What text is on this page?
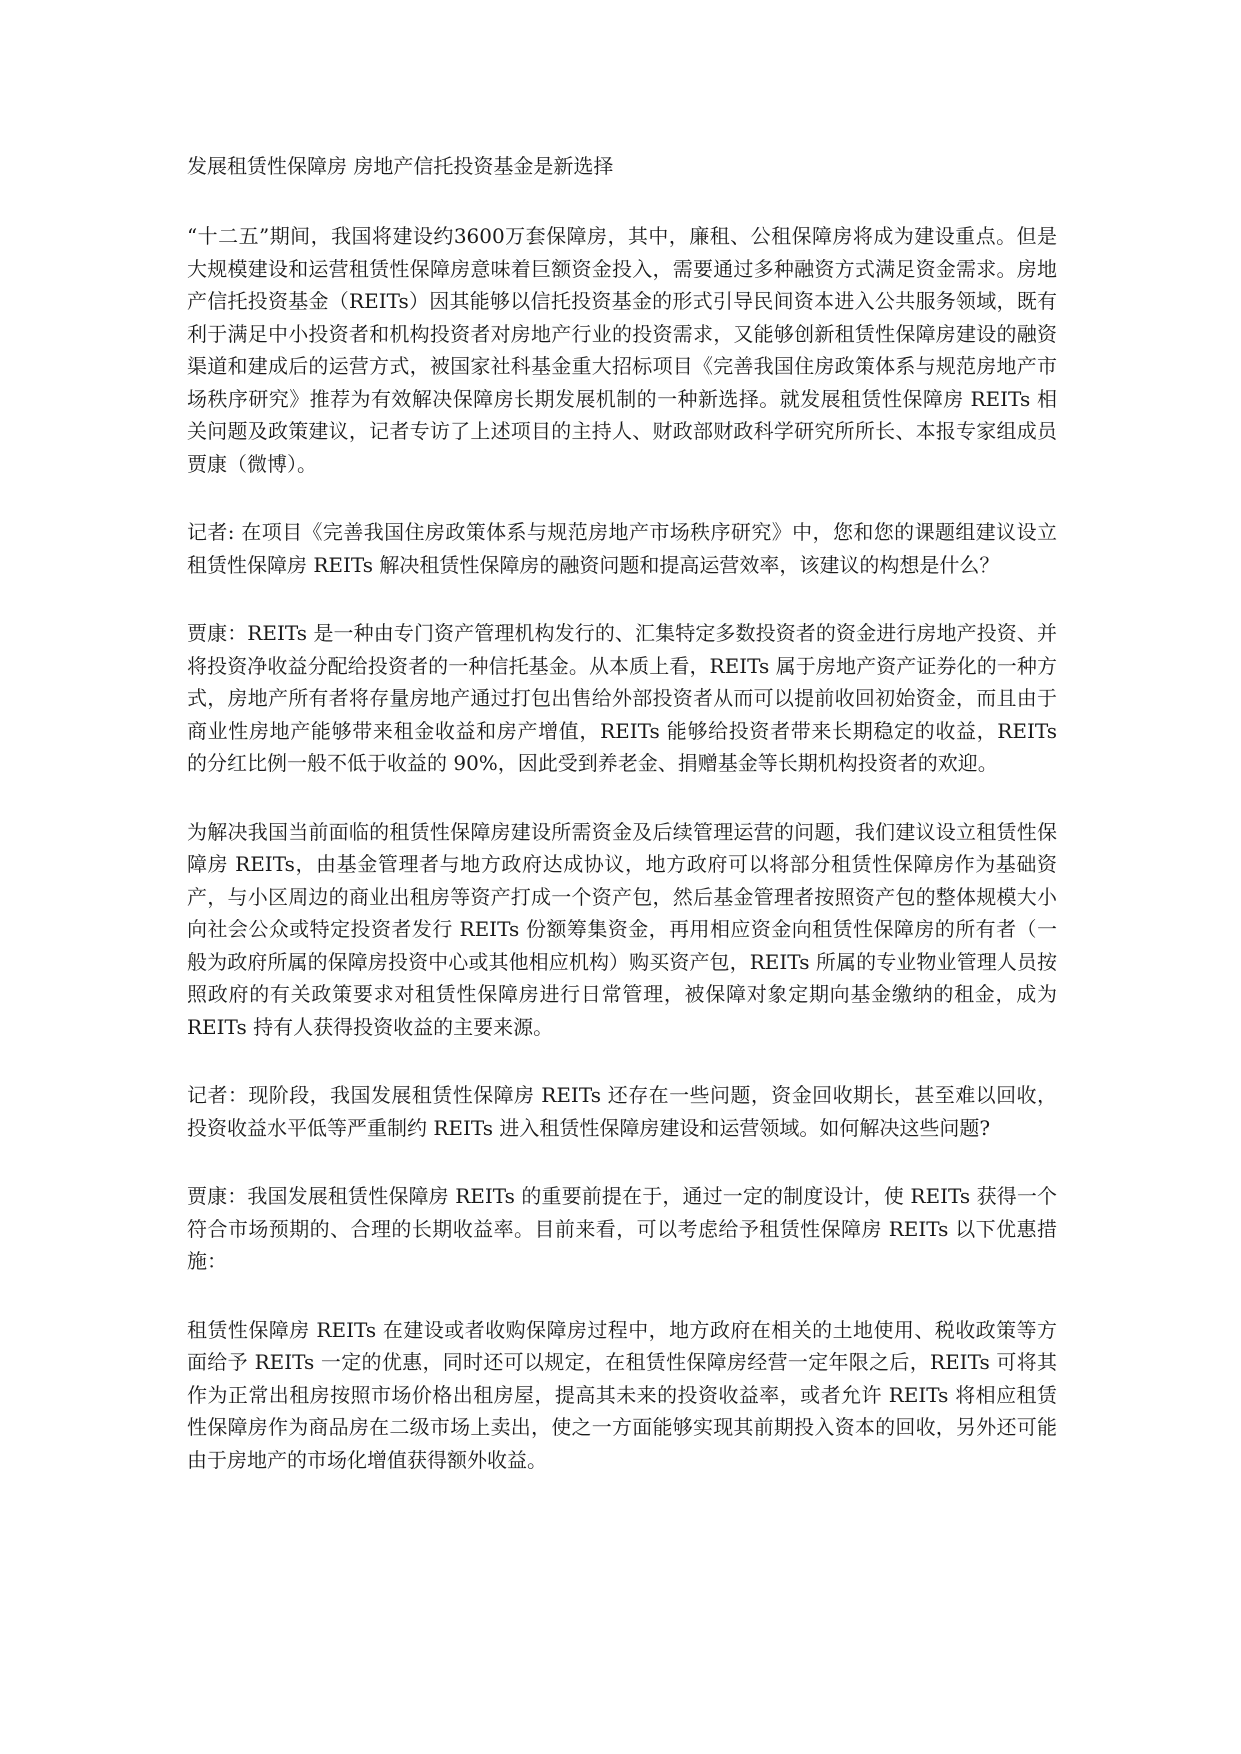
发展租赁性保障房 房地产信托投资基金是新选择

“十二五”期间，我国将建设约3600万套保障房，其中，廉租、公租保障房将成为建设重点。但是大规模建设和运营租赁性保障房意味着巨额资金投入，需要通过多种融资方式满足资金需求。房地产信托投资基金（REITs）因其能够以信托投资基金的形式引导民间资本进入公共服务领域，既有利于满足中小投资者和机构投资者对房地产行业的投资需求，又能够创新租赁性保障房建设的融资渠道和建成后的运营方式，被国家社科基金重大招标项目《完善我国住房政策体系与规范房地产市场秩序研究》推荐为有效解决保障房长期发展机制的一种新选择。就发展租赁性保障房 REITs 相关问题及政策建议，记者专访了上述项目的主持人、财政部财政科学研究所所长、本报专家组成员贾康（微博）。

记者: 在项目《完善我国住房政策体系与规范房地产市场秩序研究》中，您和您的课题组建议设立租赁性保障房 REITs 解决租赁性保障房的融资问题和提高运营效率，该建议的构想是什么？

贾康：REITs 是一种由专门资产管理机构发行的、汇集特定多数投资者的资金进行房地产投资、并将投资净收益分配给投资者的一种信托基金。从本质上看，REITs 属于房地产资产证券化的一种方式，房地产所有者将存量房地产通过打包出售给外部投资者从而可以提前收回初始资金，而且由于商业性房地产能够带来租金收益和房产增值，REITs 能够给投资者带来长期稳定的收益，REITs 的分红比例一般不低于收益的 90%，因此受到养老金、捐赠基金等长期机构投资者的欢迎。

为解决我国当前面临的租赁性保障房建设所需资金及后续管理运营的问题，我们建议设立租赁性保障房 REITs，由基金管理者与地方政府达成协议，地方政府可以将部分租赁性保障房作为基础资产，与小区周边的商业出租房等资产打成一个资产包，然后基金管理者按照资产包的整体规模大小向社会公众或特定投资者发行 REITs 份额筹集资金，再用相应资金向租赁性保障房的所有者（一般为政府所属的保障房投资中心或其他相应机构）购买资产包，REITs 所属的专业物业管理人员按照政府的有关政策要求对租赁性保障房进行日常管理，被保障对象定期向基金缴纳的租金，成为 REITs 持有人获得投资收益的主要来源。

记者：现阶段，我国发展租赁性保障房 REITs 还存在一些问题，资金回收期长，甚至难以回收，投资收益水平低等严重制约 REITs 进入租赁性保障房建设和运营领域。如何解决这些问题?

贾康：我国发展租赁性保障房 REITs 的重要前提在于，通过一定的制度设计，使 REITs 获得一个符合市场预期的、合理的长期收益率。目前来看，可以考虑给予租赁性保障房 REITs 以下优惠措施：

租赁性保障房 REITs 在建设或者收购保障房过程中，地方政府在相关的土地使用、税收政策等方面给予 REITs 一定的优惠，同时还可以规定，在租赁性保障房经营一定年限之后，REITs 可将其作为正常出租房按照市场价格出租房屋，提高其未来的投资收益率，或者允许 REITs 将相应租赁性保障房作为商品房在二级市场上卖出，使之一方面能够实现其前期投入资本的回收，另外还可能由于房地产的市场化增值获得额外收益。
